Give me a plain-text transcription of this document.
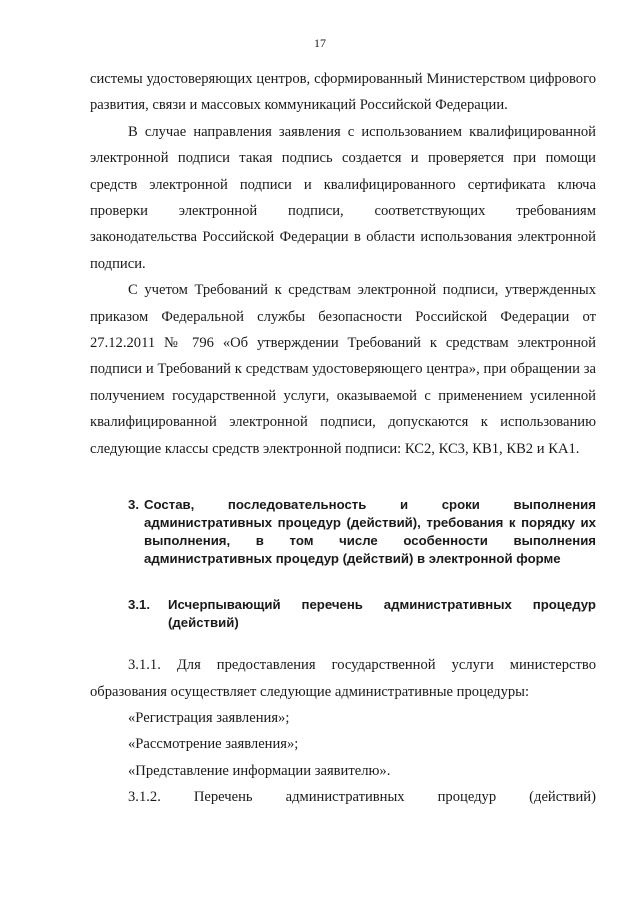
17

системы удостоверяющих центров, сформированный Министерством цифрового развития, связи и массовых коммуникаций Российской Федерации.

В случае направления заявления с использованием квалифицированной электронной подписи такая подпись создается и проверяется при помощи средств электронной подписи и квалифицированного сертификата ключа проверки электронной подписи, соответствующих требованиям законодательства Российской Федерации в области использования электронной подписи.

С учетом Требований к средствам электронной подписи, утвержденных приказом Федеральной службы безопасности Российской Федерации от 27.12.2011 № 796 «Об утверждении Требований к средствам электронной подписи и Требований к средствам удостоверяющего центра», при обращении за получением государственной услуги, оказываемой с применением усиленной квалифицированной электронной подписи, допускаются к использованию следующие классы средств электронной подписи: КС2, КС3, КВ1, КВ2 и КА1.

3. Состав, последовательность и сроки выполнения административных процедур (действий), требования к порядку их выполнения, в том числе особенности выполнения административных процедур (действий) в электронной форме
3.1.	Исчерпывающий перечень административных процедур (действий)

3.1.1. Для предоставления государственной услуги министерство образования осуществляет следующие административные процедуры:

«Регистрация заявления»;

«Рассмотрение заявления»;

«Представление информации заявителю».

3.1.2. Перечень административных процедур (действий)
